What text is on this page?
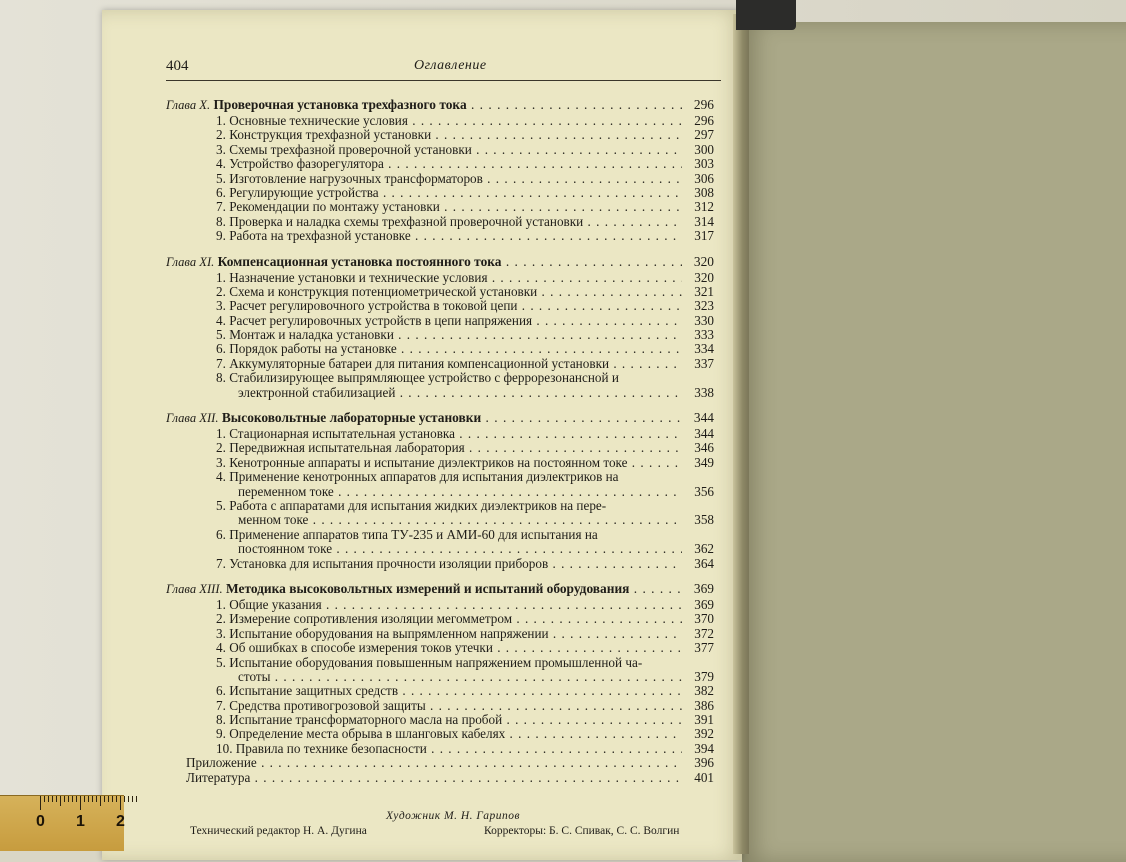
404	Оглавление
Глава X. Проверочная установка трехфазного тока . . .	296
1. Основные технические условия . . .	296
2. Конструкция трехфазной установки . . .	297
3. Схемы трехфазной проверочной установки . . .	300
4. Устройство фазорегулятора . . .	303
5. Изготовление нагрузочных трансформаторов . . .	306
6. Регулирующие устройства . . .	308
7. Рекомендации по монтажу установки . . .	312
8. Проверка и наладка схемы трехфазной проверочной установки . . .	314
9. Работа на трехфазной установке . . .	317
Глава XI. Компенсационная установка постоянного тока . . .	320
1. Назначение установки и технические условия . . .	320
2. Схема и конструкция потенциометрической установки . . .	321
3. Расчет регулировочного устройства в токовой цепи . . .	323
4. Расчет регулировочных устройств в цепи напряжения . . .	330
5. Монтаж и наладка установки . . .	333
6. Порядок работы на установке . . .	334
7. Аккумуляторные батареи для питания компенсационной установки . . .	337
8. Стабилизирующее выпрямляющее устройство с феррорезонансной и
электронной стабилизацией . . .	338
Глава XII. Высоковольтные лабораторные установки . . .	344
1. Стационарная испытательная установка . . .	344
2. Передвижная испытательная лаборатория . . .	346
3. Кенотронные аппараты и испытание диэлектриков на постоянном токе . . .	349
4. Применение кенотронных аппаратов для испытания диэлектриков на
переменном токе . . .	356
5. Работа с аппаратами для испытания жидких диэлектриков на пере-
менном токе . . .	358
6. Применение аппаратов типа ТУ-235 и АМИ-60 для испытания на
постоянном токе . . .	362
7. Установка для испытания прочности изоляции приборов . . .	364
Глава XIII. Методика высоковольтных измерений и испытаний оборудования . . .	369
1. Общие указания . . .	369
2. Измерение сопротивления изоляции мегомметром . . .	370
3. Испытание оборудования на выпрямленном напряжении . . .	372
4. Об ошибках в способе измерения токов утечки . . .	377
5. Испытание оборудования повышенным напряжением промышленной ча-
стоты . . .	379
6. Испытание защитных средств . . .	382
7. Средства противогрозовой защиты . . .	386
8. Испытание трансформаторного масла на пробой . . .	391
9. Определение места обрыва в шланговых кабелях . . .	392
10. Правила по технике безопасности . . .	394
Приложение . . .	396
Литература . . .	401
Художник М. Н. Гарипов
Технический редактор Н. А. Дугина	Корректоры: Б. С. Спивак, С. С. Волгин
0 1 2
